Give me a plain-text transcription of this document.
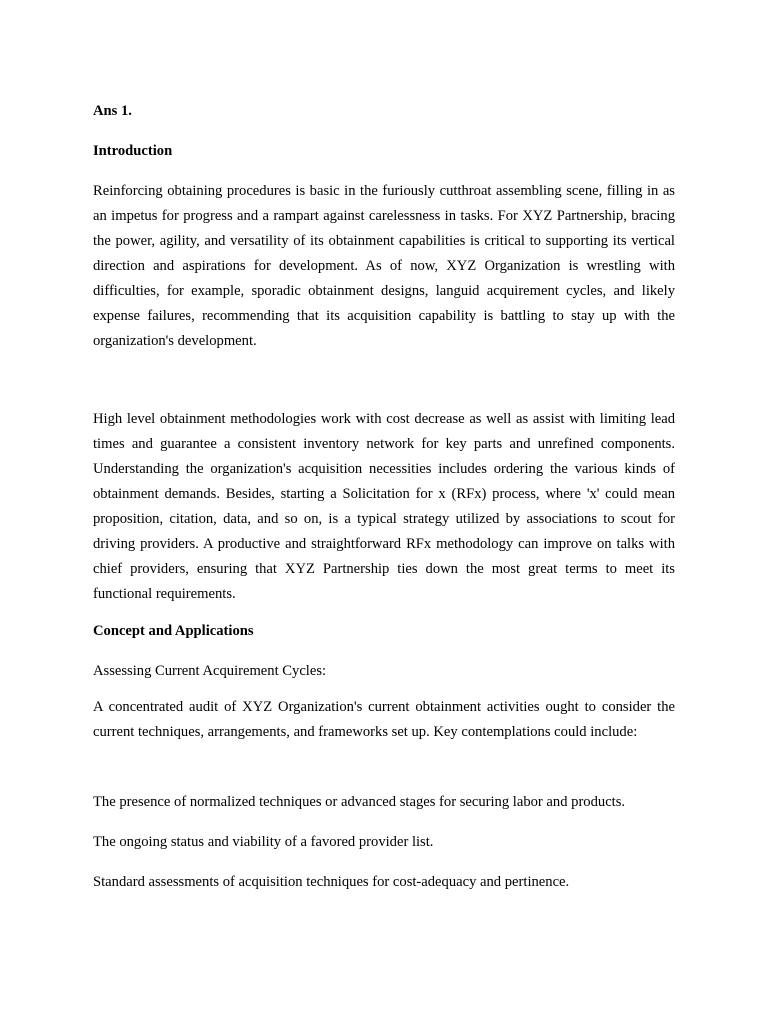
Ans 1.

Introduction

Reinforcing obtaining procedures is basic in the furiously cutthroat assembling scene, filling in as an impetus for progress and a rampart against carelessness in tasks. For XYZ Partnership, bracing the power, agility, and versatility of its obtainment capabilities is critical to supporting its vertical direction and aspirations for development. As of now, XYZ Organization is wrestling with difficulties, for example, sporadic obtainment designs, languid acquirement cycles, and likely expense failures, recommending that its acquisition capability is battling to stay up with the organization's development.

High level obtainment methodologies work with cost decrease as well as assist with limiting lead times and guarantee a consistent inventory network for key parts and unrefined components. Understanding the organization's acquisition necessities includes ordering the various kinds of obtainment demands. Besides, starting a Solicitation for x (RFx) process, where 'x' could mean proposition, citation, data, and so on, is a typical strategy utilized by associations to scout for driving providers. A productive and straightforward RFx methodology can improve on talks with chief providers, ensuring that XYZ Partnership ties down the most great terms to meet its functional requirements.

Concept and Applications

Assessing Current Acquirement Cycles:

A concentrated audit of XYZ Organization's current obtainment activities ought to consider the current techniques, arrangements, and frameworks set up. Key contemplations could include:

The presence of normalized techniques or advanced stages for securing labor and products.

The ongoing status and viability of a favored provider list.

Standard assessments of acquisition techniques for cost-adequacy and pertinence.
